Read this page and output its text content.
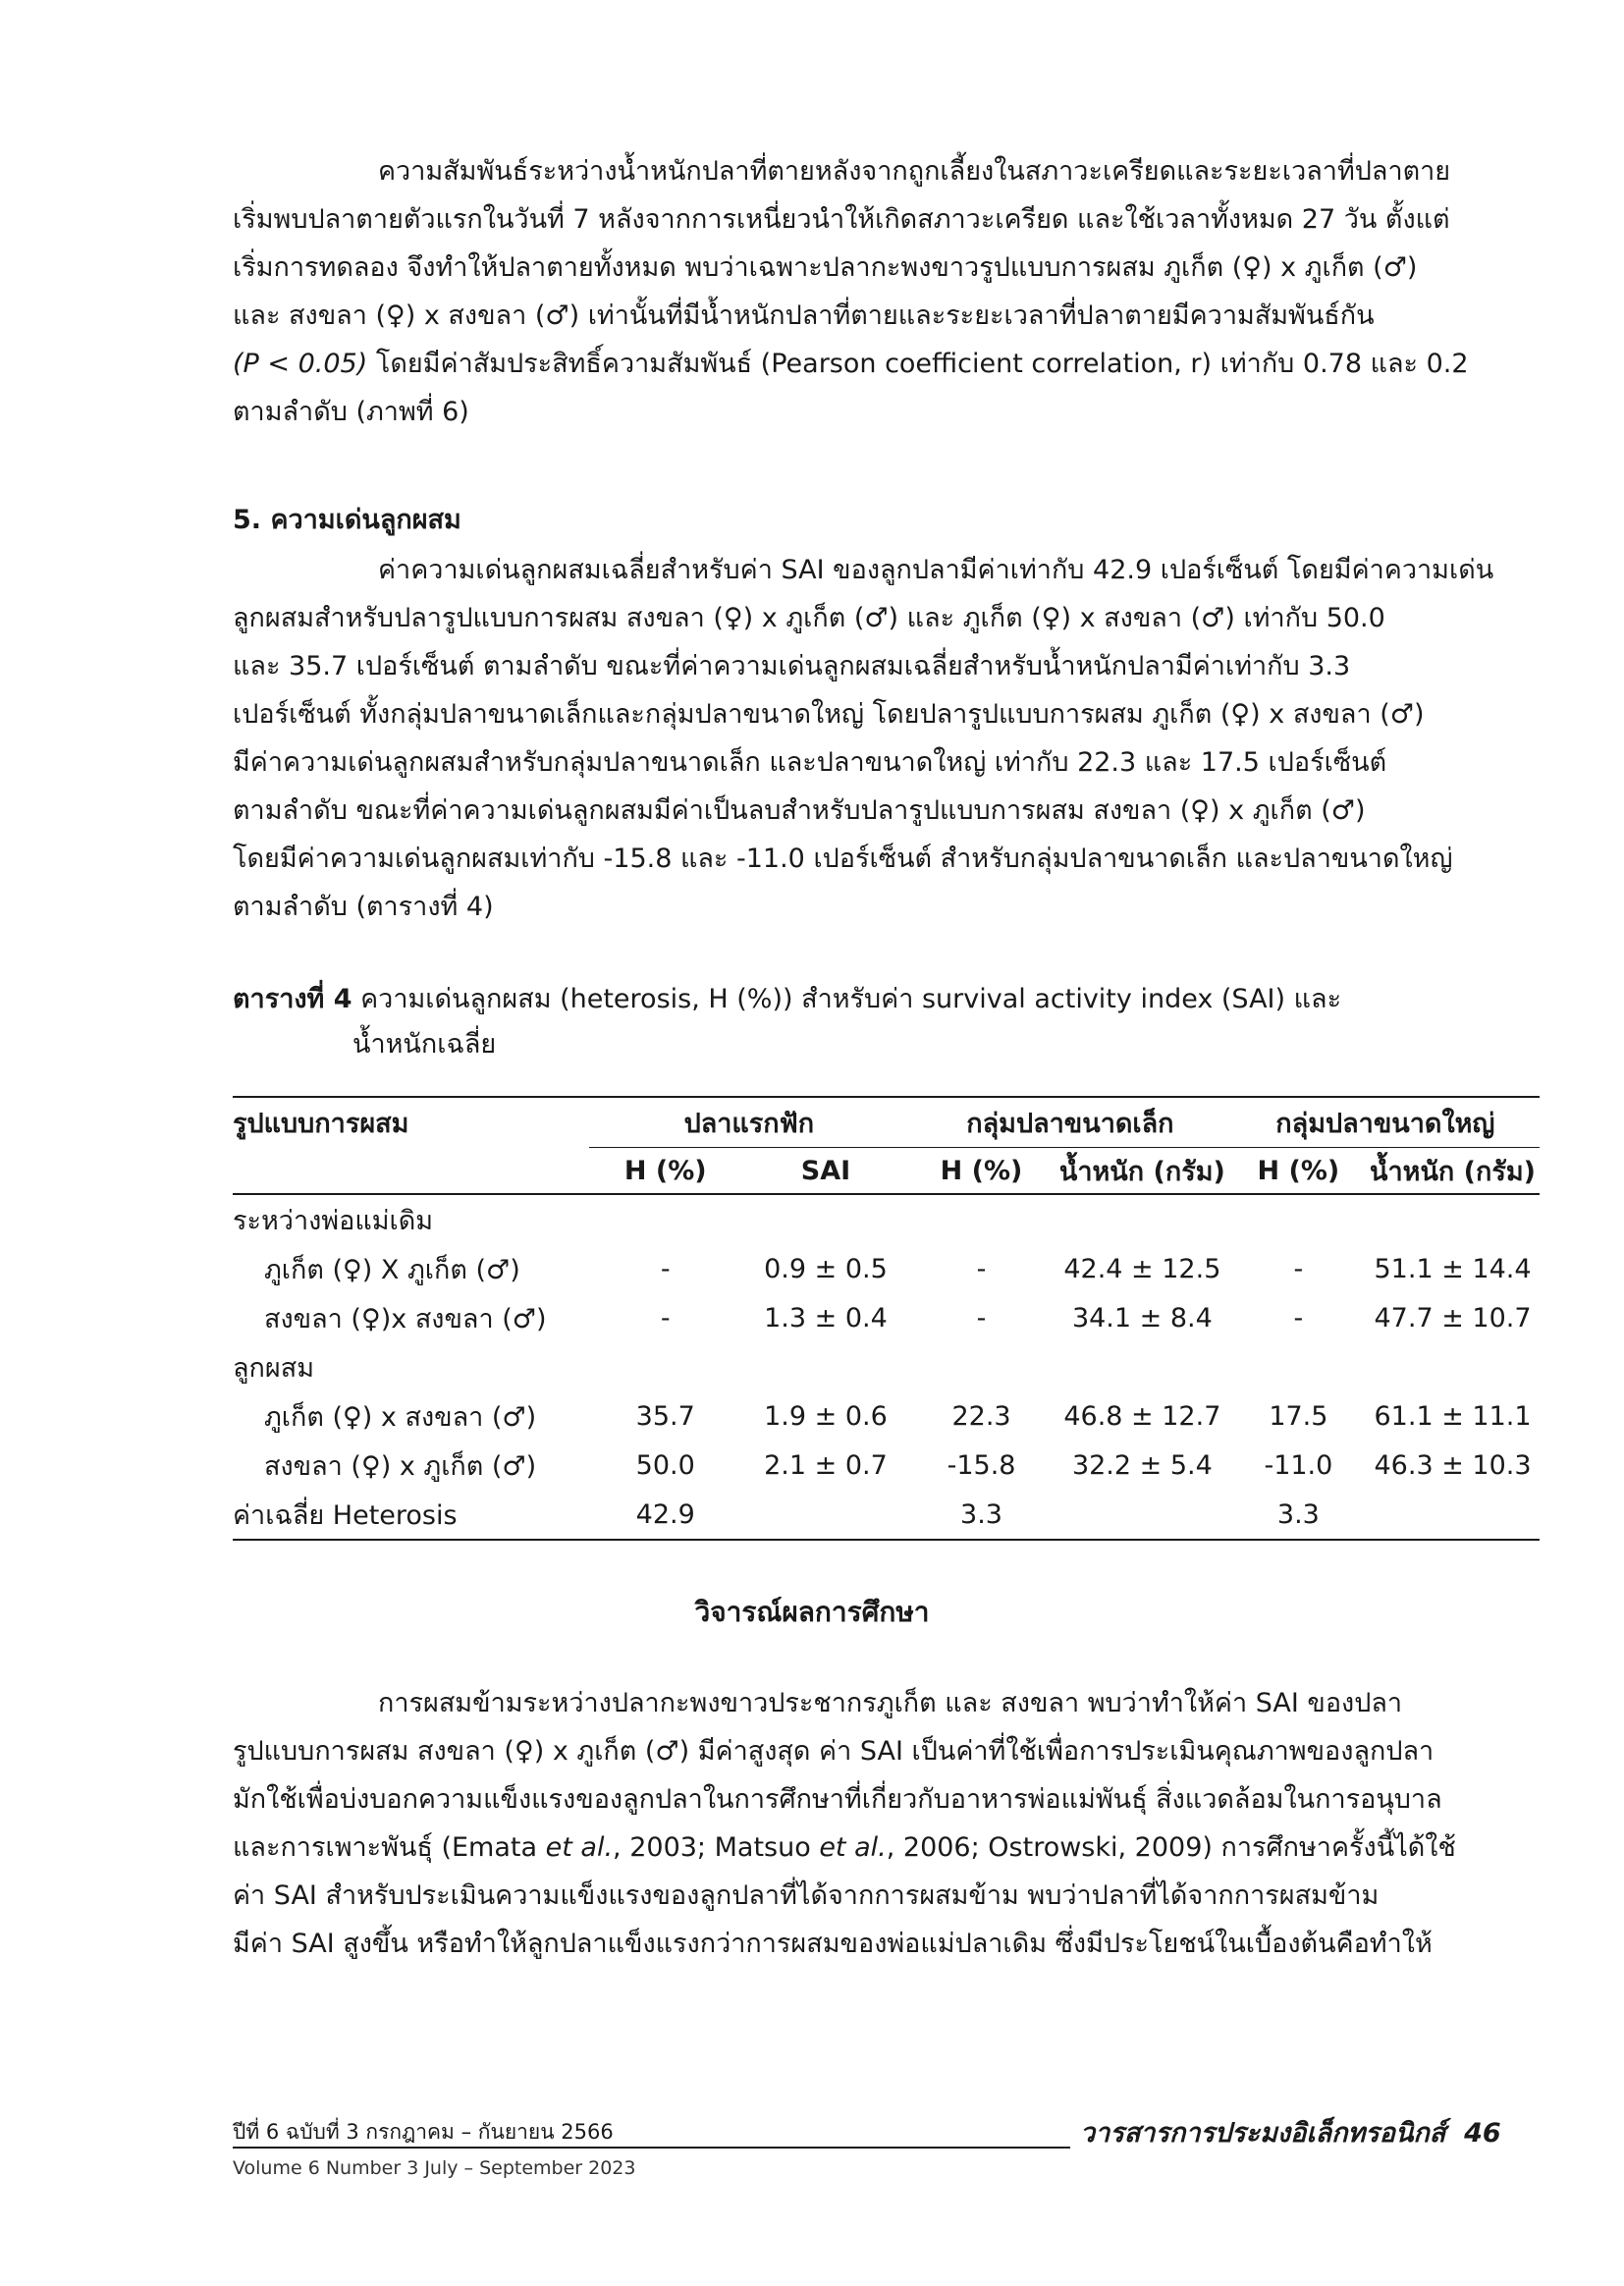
ความสัมพันธ์ระหว่างน้ำหนักปลาที่ตายหลังจากถูกเลี้ยงในสภาวะเครียดและระยะเวลาที่ปลาตาย
เริ่มพบปลาตายตัวแรกในวันที่ 7 หลังจากการเหนี่ยวนำให้เกิดสภาวะเครียด และใช้เวลาทั้งหมด 27 วัน ตั้งแต่
เริ่มการทดลอง จึงทำให้ปลาตายทั้งหมด พบว่าเฉพาะปลากะพงขาวรูปแบบการผสม ภูเก็ต (♀) x ภูเก็ต (♂)
และ สงขลา (♀) x สงขลา (♂) เท่านั้นที่มีน้ำหนักปลาที่ตายและระยะเวลาที่ปลาตายมีความสัมพันธ์กัน
(P < 0.05) โดยมีค่าสัมประสิทธิ์ความสัมพันธ์ (Pearson coefficient correlation, r) เท่ากับ 0.78 และ 0.2
ตามลำดับ (ภาพที่ 6)

5. ความเด่นลูกผสม

ค่าความเด่นลูกผสมเฉลี่ยสำหรับค่า SAI ของลูกปลามีค่าเท่ากับ 42.9 เปอร์เซ็นต์ โดยมีค่าความเด่น
ลูกผสมสำหรับปลารูปแบบการผสม สงขลา (♀) x ภูเก็ต (♂) และ ภูเก็ต (♀) x สงขลา (♂) เท่ากับ 50.0
และ 35.7 เปอร์เซ็นต์ ตามลำดับ ขณะที่ค่าความเด่นลูกผสมเฉลี่ยสำหรับน้ำหนักปลามีค่าเท่ากับ 3.3
เปอร์เซ็นต์ ทั้งกลุ่มปลาขนาดเล็กและกลุ่มปลาขนาดใหญ่ โดยปลารูปแบบการผสม ภูเก็ต (♀) x สงขลา (♂)
มีค่าความเด่นลูกผสมสำหรับกลุ่มปลาขนาดเล็ก และปลาขนาดใหญ่ เท่ากับ 22.3 และ 17.5 เปอร์เซ็นต์
ตามลำดับ ขณะที่ค่าความเด่นลูกผสมมีค่าเป็นลบสำหรับปลารูปแบบการผสม สงขลา (♀) x ภูเก็ต (♂)
โดยมีค่าความเด่นลูกผสมเท่ากับ -15.8 และ -11.0 เปอร์เซ็นต์ สำหรับกลุ่มปลาขนาดเล็ก และปลาขนาดใหญ่
ตามลำดับ (ตารางที่ 4)
ตารางที่ 4 ความเด่นลูกผสม (heterosis, H (%)) สำหรับค่า survival activity index (SAI) และ
น้ำหนักเฉลี่ย
รูปแบบการผสม	ปลาแรกฟัก		กลุ่มปลาขนาดเล็ก		กลุ่มปลาขนาดใหญ่	
	H (%)	SAI	H (%)	น้ำหนัก (กรัม)	H (%)	น้ำหนัก (กรัม)
ระหว่างพ่อแม่เดิม						
ภูเก็ต (♀) X ภูเก็ต (♂)	-	0.9 ± 0.5	-	42.4 ± 12.5	-	51.1 ± 14.4
สงขลา (♀)x สงขลา (♂)	-	1.3 ± 0.4	-	34.1 ± 8.4	-	47.7 ± 10.7
ลูกผสม						
ภูเก็ต (♀) x สงขลา (♂)	35.7	1.9 ± 0.6	22.3	46.8 ± 12.7	17.5	61.1 ± 11.1
สงขลา (♀) x ภูเก็ต (♂)	50.0	2.1 ± 0.7	-15.8	32.2 ± 5.4	-11.0	46.3 ± 10.3
ค่าเฉลี่ย Heterosis	42.9		3.3		3.3	

วิจารณ์ผลการศึกษา

การผสมข้ามระหว่างปลากะพงขาวประชากรภูเก็ต และ สงขลา พบว่าทำให้ค่า SAI ของปลา
รูปแบบการผสม สงขลา (♀) x ภูเก็ต (♂) มีค่าสูงสุด ค่า SAI เป็นค่าที่ใช้เพื่อการประเมินคุณภาพของลูกปลา
มักใช้เพื่อบ่งบอกความแข็งแรงของลูกปลาในการศึกษาที่เกี่ยวกับอาหารพ่อแม่พันธุ์ สิ่งแวดล้อมในการอนุบาล
และการเพาะพันธุ์ (Emata et al., 2003; Matsuo et al., 2006; Ostrowski, 2009) การศึกษาครั้งนี้ได้ใช้
ค่า SAI สำหรับประเมินความแข็งแรงของลูกปลาที่ได้จากการผสมข้าม พบว่าปลาที่ได้จากการผสมข้าม
มีค่า SAI สูงขึ้น หรือทำให้ลูกปลาแข็งแรงกว่าการผสมของพ่อแม่ปลาเดิม ซึ่งมีประโยชน์ในเบื้องต้นคือทำให้

ปีที่ 6 ฉบับที่ 3 กรกฎาคม – กันยายน 2566

Volume 6 Number 3 July – September 2023

วารสารการประมงอิเล็กทรอนิกส์ 46
